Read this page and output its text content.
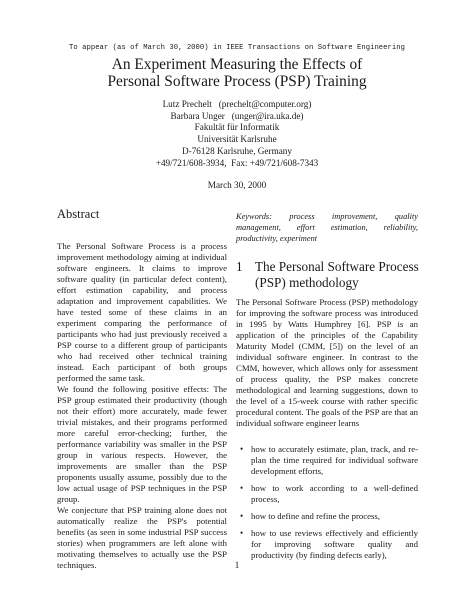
To appear (as of March 30, 2000) in IEEE Transactions on Software Engineering
An Experiment Measuring the Effects of
Personal Software Process (PSP) Training
Lutz Prechelt   (prechelt@computer.org)
Barbara Unger   (unger@ira.uka.de)
Fakultät für Informatik
Universität Karlsruhe
D-76128 Karlsruhe, Germany
+49/721/608-3934,  Fax: +49/721/608-7343
March 30, 2000
Abstract

The Personal Software Process is a process improvement methodology aiming at individual software engineers. It claims to improve software quality (in particular defect content), effort estimation capability, and process adaptation and improvement capabilities. We have tested some of these claims in an experiment comparing the performance of participants who had just previously received a PSP course to a different group of participants who had received other technical training instead. Each participant of both groups performed the same task.

We found the following positive effects: The PSP group estimated their productivity (though not their effort) more accurately, made fewer trivial mistakes, and their programs performed more careful error-checking; further, the performance variability was smaller in the PSP group in various respects. However, the improvements are smaller than the PSP proponents usually assume, possibly due to the low actual usage of PSP techniques in the PSP group.

We conjecture that PSP training alone does not automatically realize the PSP's potential benefits (as seen in some industrial PSP success stories) when programmers are left alone with motivating themselves to actually use the PSP techniques.

Keywords: process improvement, quality management, effort estimation, reliability, productivity, experiment
1 The Personal Software Process (PSP) methodology

The Personal Software Process (PSP) methodology for improving the software process was introduced in 1995 by Watts Humphrey [6]. PSP is an application of the principles of the Capability Maturity Model (CMM, [5]) on the level of an individual software engineer. In contrast to the CMM, however, which allows only for assessment of process quality, the PSP makes concrete methodological and learning suggestions, down to the level of a 15-week course with rather specific procedural content. The goals of the PSP are that an individual software engineer learns

• how to accurately estimate, plan, track, and re-plan the time required for individual software development efforts,
• how to work according to a well-defined process,
• how to define and refine the process,
• how to use reviews effectively and efficiently for improving software quality and productivity (by finding defects early),
1
